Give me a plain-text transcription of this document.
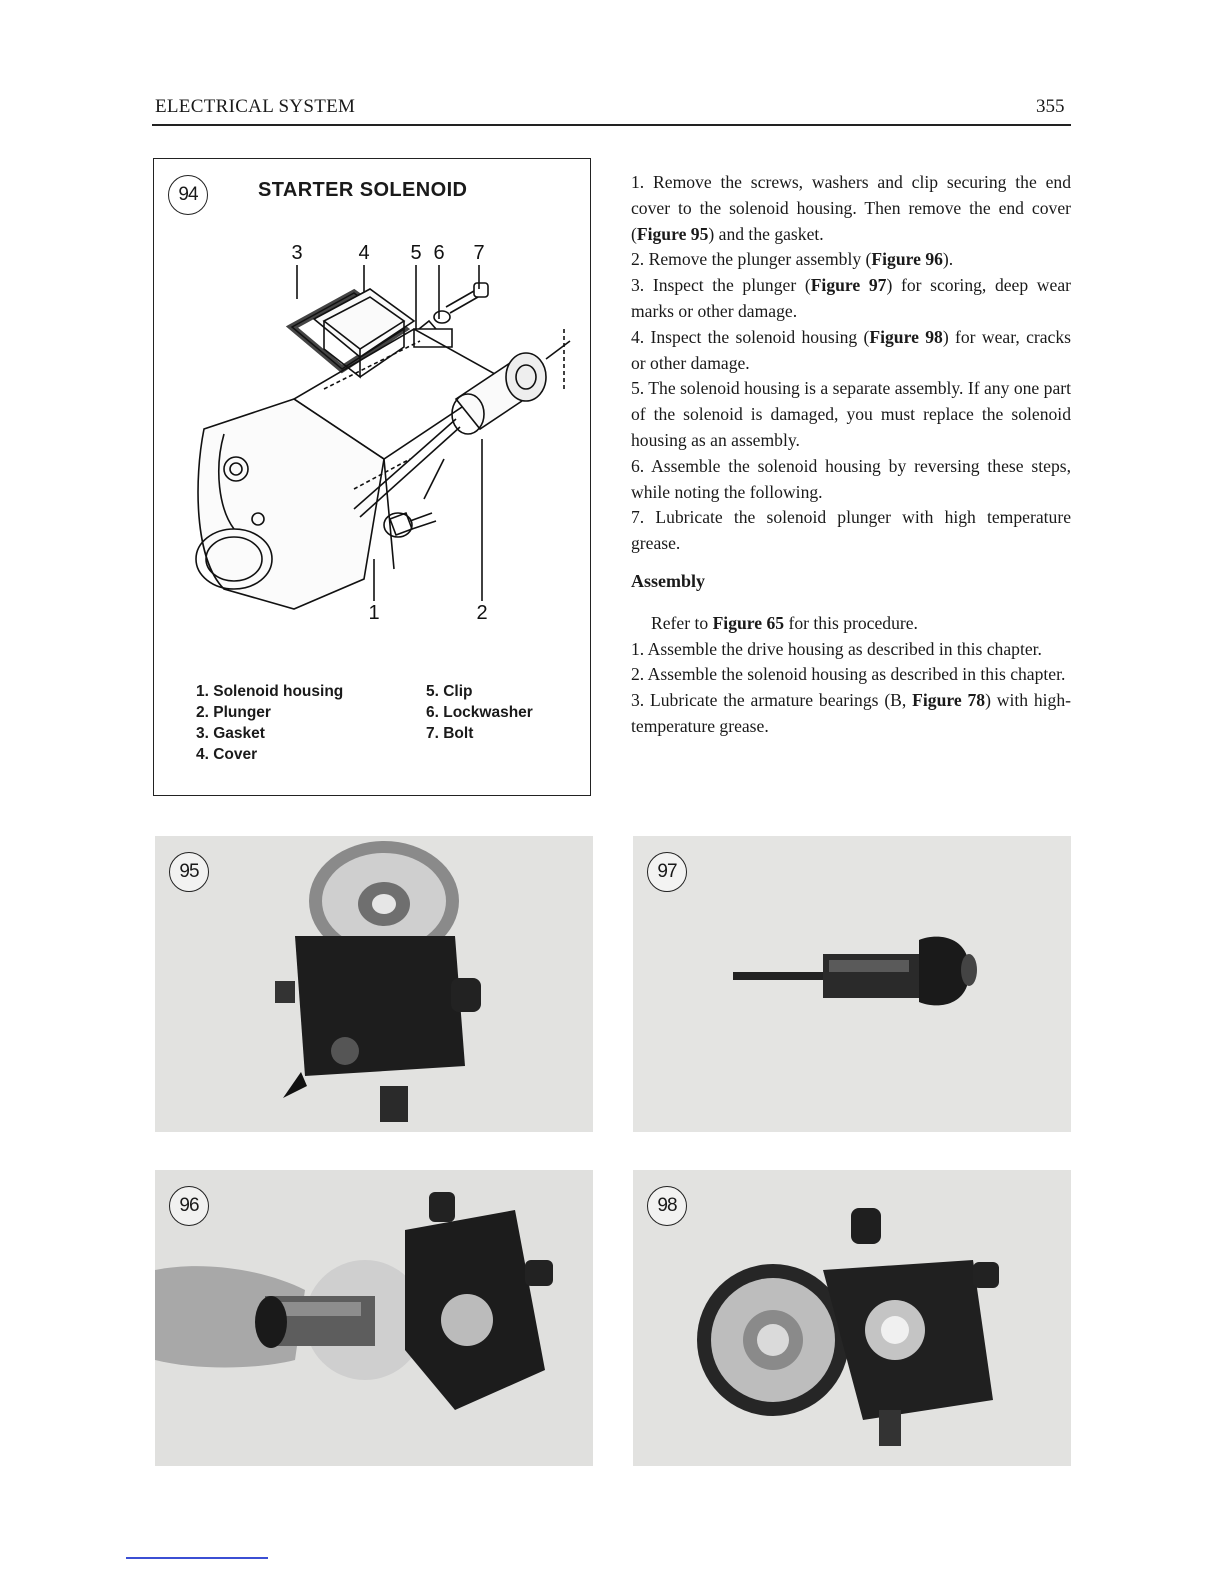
ELECTRICAL SYSTEM	355
94	STARTER SOLENOID
3	4 5 6 7
1	2
1. Solenoid housing
2. Plunger
3. Gasket
4. Cover
5. Clip
6. Lockwasher
7. Bolt

1. Remove the screws, washers and clip securing the end cover to the solenoid housing. Then remove the end cover (Figure 95) and the gasket.

2. Remove the plunger assembly (Figure 96).

3. Inspect the plunger (Figure 97) for scoring, deep wear marks or other damage.

4. Inspect the solenoid housing (Figure 98) for wear, cracks or other damage.

5. The solenoid housing is a separate assembly. If any one part of the solenoid is damaged, you must replace the solenoid housing as an assembly.

6. Assemble the solenoid housing by reversing these steps, while noting the following.

7. Lubricate the solenoid plunger with high temperature grease.

Assembly

Refer to Figure 65 for this procedure.

1. Assemble the drive housing as described in this chapter.

2. Assemble the solenoid housing as described in this chapter.

3. Lubricate the armature bearings (B, Figure 78) with high-temperature grease.

95	97
96	98
